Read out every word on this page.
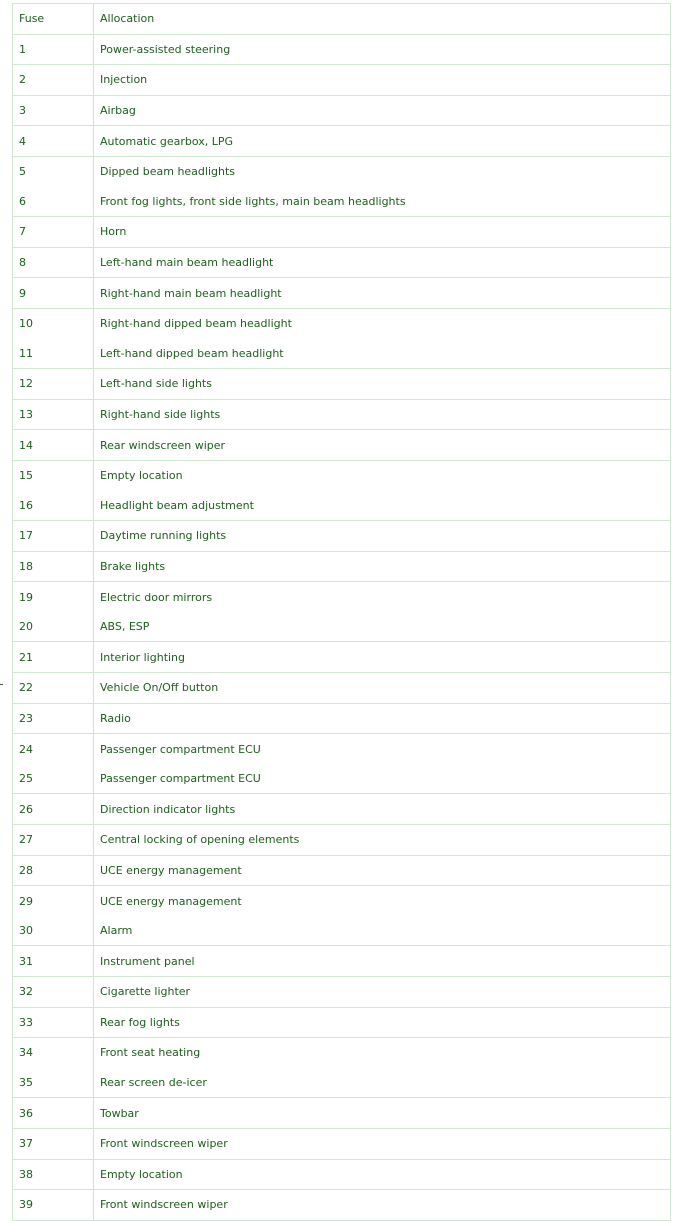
Fuse	Allocation
1	Power-assisted steering
2	Injection
3	Airbag
4	Automatic gearbox, LPG
5	Dipped beam headlights
6	Front fog lights, front side lights, main beam headlights
7	Horn
8	Left-hand main beam headlight
9	Right-hand main beam headlight
10	Right-hand dipped beam headlight
11	Left-hand dipped beam headlight
12	Left-hand side lights
13	Right-hand side lights
14	Rear windscreen wiper
15	Empty location
16	Headlight beam adjustment
17	Daytime running lights
18	Brake lights
19	Electric door mirrors
20	ABS, ESP
21	Interior lighting
22	Vehicle On/Off button
23	Radio
24	Passenger compartment ECU
25	Passenger compartment ECU
26	Direction indicator lights
27	Central locking of opening elements
28	UCE energy management
29	UCE energy management
30	Alarm
31	Instrument panel
32	Cigarette lighter
33	Rear fog lights
34	Front seat heating
35	Rear screen de-icer
36	Towbar
37	Front windscreen wiper
38	Empty location
39	Front windscreen wiper
